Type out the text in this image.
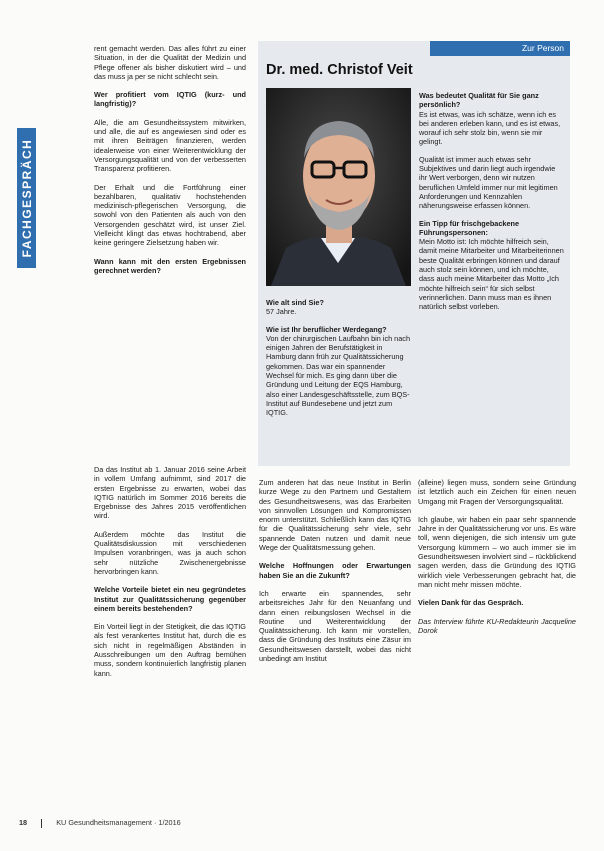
FACHGESPRÄCH

rent gemacht werden. Das alles führt zu einer Situation, in der die Qualität der Medizin und Pflege offener als bisher diskutiert wird – und das muss ja per se nicht schlecht sein.

Wer profitiert vom IQTIG (kurz- und langfristig)?

Alle, die am Gesundheitssystem mitwirken, und alle, die auf es angewiesen sind oder es mit ihren Beiträgen finanzieren, werden idealerweise von einer Weiterentwicklung der Versorgungsqualität und von der verbesserten Transparenz profitieren.

Der Erhalt und die Fortführung einer bezahlbaren, qualitativ hochstehenden medizinisch-pflegerischen Versorgung, die sowohl von den Patienten als auch von den Versorgenden geschätzt wird, ist unser Ziel. Vielleicht klingt das etwas hochtrabend, aber keine geringere Zielsetzung haben wir.

Wann kann mit den ersten Ergebnissen gerechnet werden?

Da das Institut ab 1. Januar 2016 seine Arbeit in vollem Umfang aufnimmt, sind 2017 die ersten Ergebnisse zu erwarten, wobei das IQTIG natürlich im Sommer 2016 bereits die Ergebnisse des Jahres 2015 veröffentlichen wird.

Außerdem möchte das Institut die Qualitätsdiskussion mit verschiedenen Impulsen voranbringen, was ja auch schon sehr nützliche Zwischenergebnisse hervorbringen kann.

Welche Vorteile bietet ein neu gegründetes Institut zur Qualitätssicherung gegenüber einem bereits bestehenden?

Ein Vorteil liegt in der Stetigkeit, die das IQTIG als fest verankertes Institut hat, durch die es sich nicht in regelmäßigen Abständen in Ausschreibungen um den Auftrag bemühen muss, sondern kontinuierlich langfristig planen kann.

Zum anderen hat das neue Institut in Berlin kurze Wege zu den Partnern und Gestaltern des Gesundheitswesens, was das Erarbeiten von sinnvollen Lösungen und Kompromissen enorm unterstützt. Schließlich kann das IQTIG für die Qualitätssicherung sehr viele, sehr spannende Daten nutzen und damit neue Wege der Qualitätsmessung gehen.

Welche Hoffnungen oder Erwartungen haben Sie an die Zukunft?

Ich erwarte ein spannendes, sehr arbeitsreiches Jahr für den Neuanfang und dann einen reibungslosen Wechsel in die Routine und Weiterentwicklung der Qualitätssicherung. Ich kann mir vorstellen, dass die Gründung des Instituts eine Zäsur im Gesundheitswesen darstellt, wobei das nicht unbedingt am Institut

(alleine) liegen muss, sondern seine Gründung ist letztlich auch ein Zeichen für einen neuen Umgang mit Fragen der Versorgungsqualität.

Ich glaube, wir haben ein paar sehr spannende Jahre in der Qualitätssicherung vor uns. Es wäre toll, wenn diejenigen, die sich intensiv um gute Versorgung kümmern – wo auch immer sie im Gesundheitswesen involviert sind – rückblickend sagen werden, dass die Gründung des IQTIG wirklich viele Verbesserungen gebracht hat, die man nicht mehr missen möchte.

Vielen Dank für das Gespräch.

Das Interview führte KU-Redakteurin Jacqueline Dorok

Zur Person
Dr. med. Christof Veit

Wie alt sind Sie?

57 Jahre.

Wie ist Ihr beruflicher Werdegang?

Von der chirurgischen Laufbahn bin ich nach einigen Jahren der Berufstätigkeit in Hamburg dann früh zur Qualitätssicherung gekommen. Das war ein spannender Wechsel für mich. Es ging dann über die Gründung und Leitung der EQS Hamburg, also einer Landesgeschäftsstelle, zum BQS-Institut auf Bundesebene und jetzt zum IQTIG.

Was bedeutet Qualität für Sie ganz persönlich?

Es ist etwas, was ich schätze, wenn ich es bei anderen erleben kann, und es ist etwas, worauf ich sehr stolz bin, wenn sie mir gelingt.

Qualität ist immer auch etwas sehr Subjektives und darin liegt auch irgendwie ihr Wert verborgen, denn wir nutzen beruflichen Umfeld immer nur mit legitimen Anforderungen und Kennzahlen näherungsweise erfassen können.

Ein Tipp für frischgebackene Führungspersonen:

Mein Motto ist: Ich möchte hilfreich sein, damit meine Mitarbeiter und Mitarbeiterinnen beste Qualität erbringen können und darauf auch stolz sein können, und ich möchte, dass auch meine Mitarbeiter das Motto „Ich möchte hilfreich sein“ für sich selbst verinnerlichen. Dann muss man es ihnen natürlich selbst vorleben.

18	KU Gesundheitsmanagement · 1/2016
